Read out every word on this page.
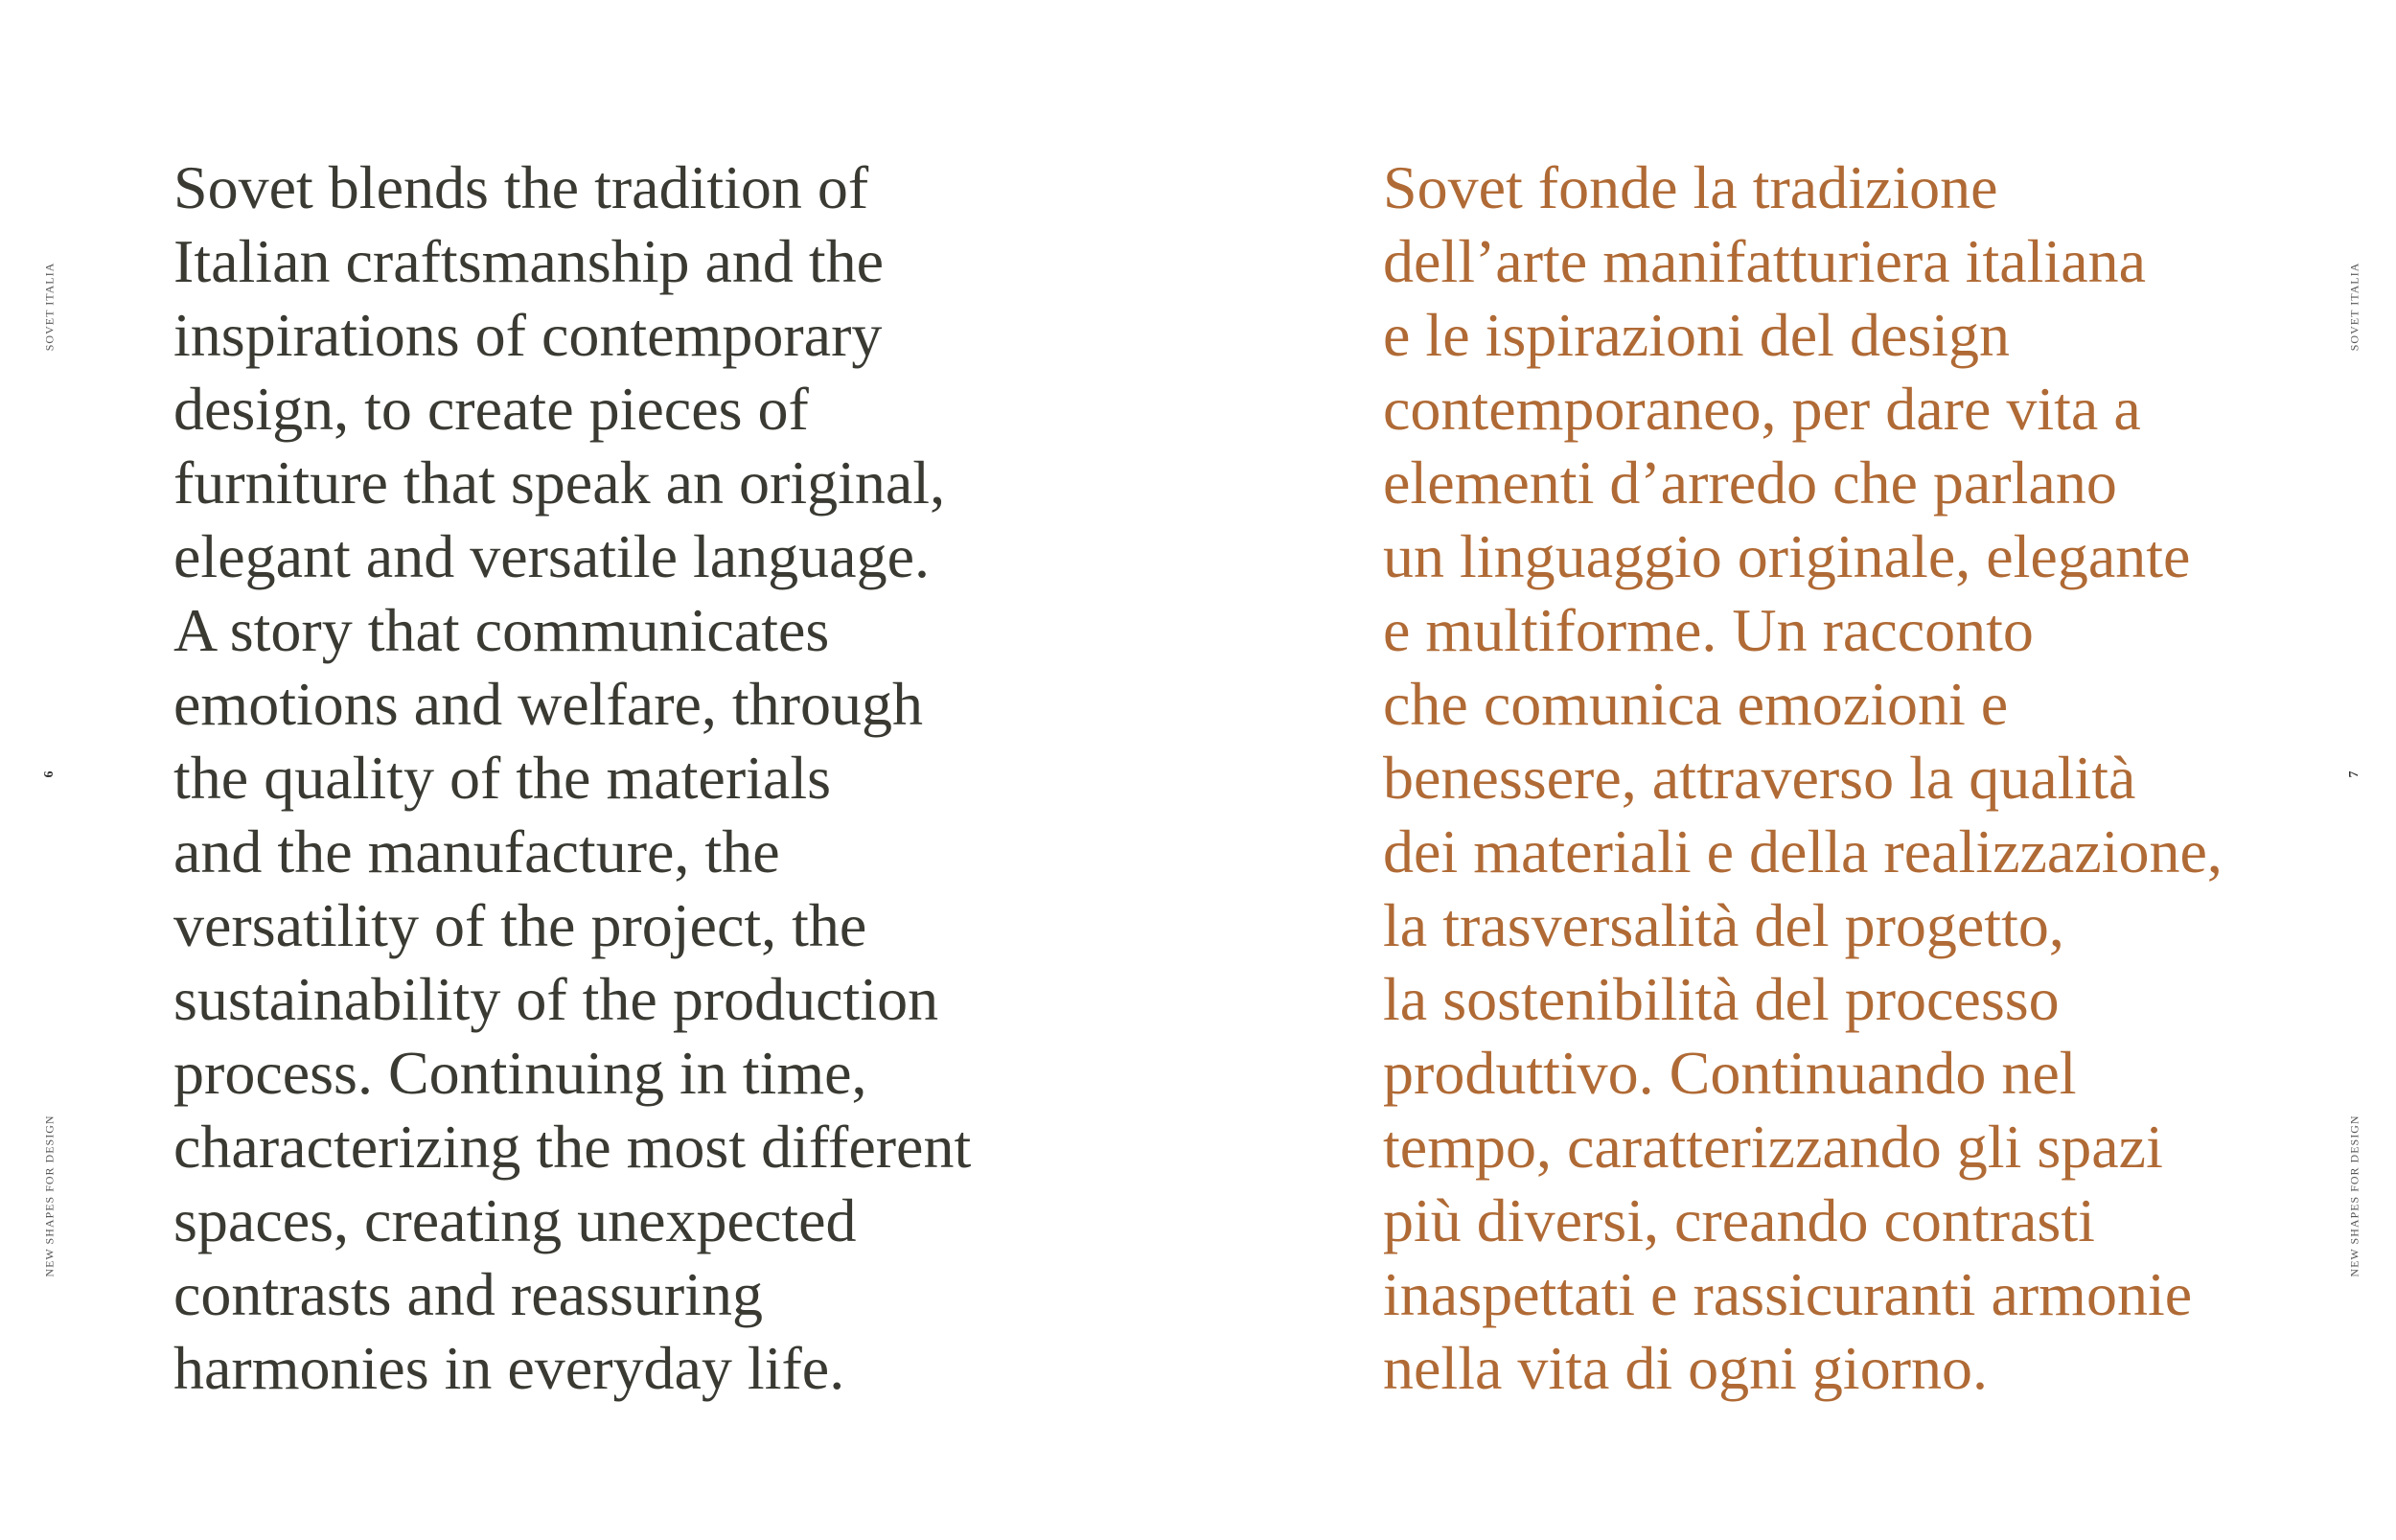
SOVET ITALIA
6
NEW SHAPES FOR DESIGN

Sovet blends the tradition of
Italian craftsmanship and the
inspirations of contemporary
design, to create pieces of
furniture that speak an original,
elegant and versatile language.
A story that communicates
emotions and welfare, through
the quality of the materials
and the manufacture, the
versatility of the project, the
sustainability of the production
process. Continuing in time,
characterizing the most different
spaces, creating unexpected
contrasts and reassuring
harmonies in everyday life.

Sovet fonde la tradizione
dell’arte manifatturiera italiana
e le ispirazioni del design
contemporaneo, per dare vita a
elementi d’arredo che parlano
un linguaggio originale, elegante
e multiforme. Un racconto
che comunica emozioni e
benessere, attraverso la qualità
dei materiali e della realizzazione,
la trasversalità del progetto,
la sostenibilità del processo
produttivo. Continuando nel
tempo, caratterizzando gli spazi
più diversi, creando contrasti
inaspettati e rassicuranti armonie
nella vita di ogni giorno.

SOVET ITALIA
7
NEW SHAPES FOR DESIGN
